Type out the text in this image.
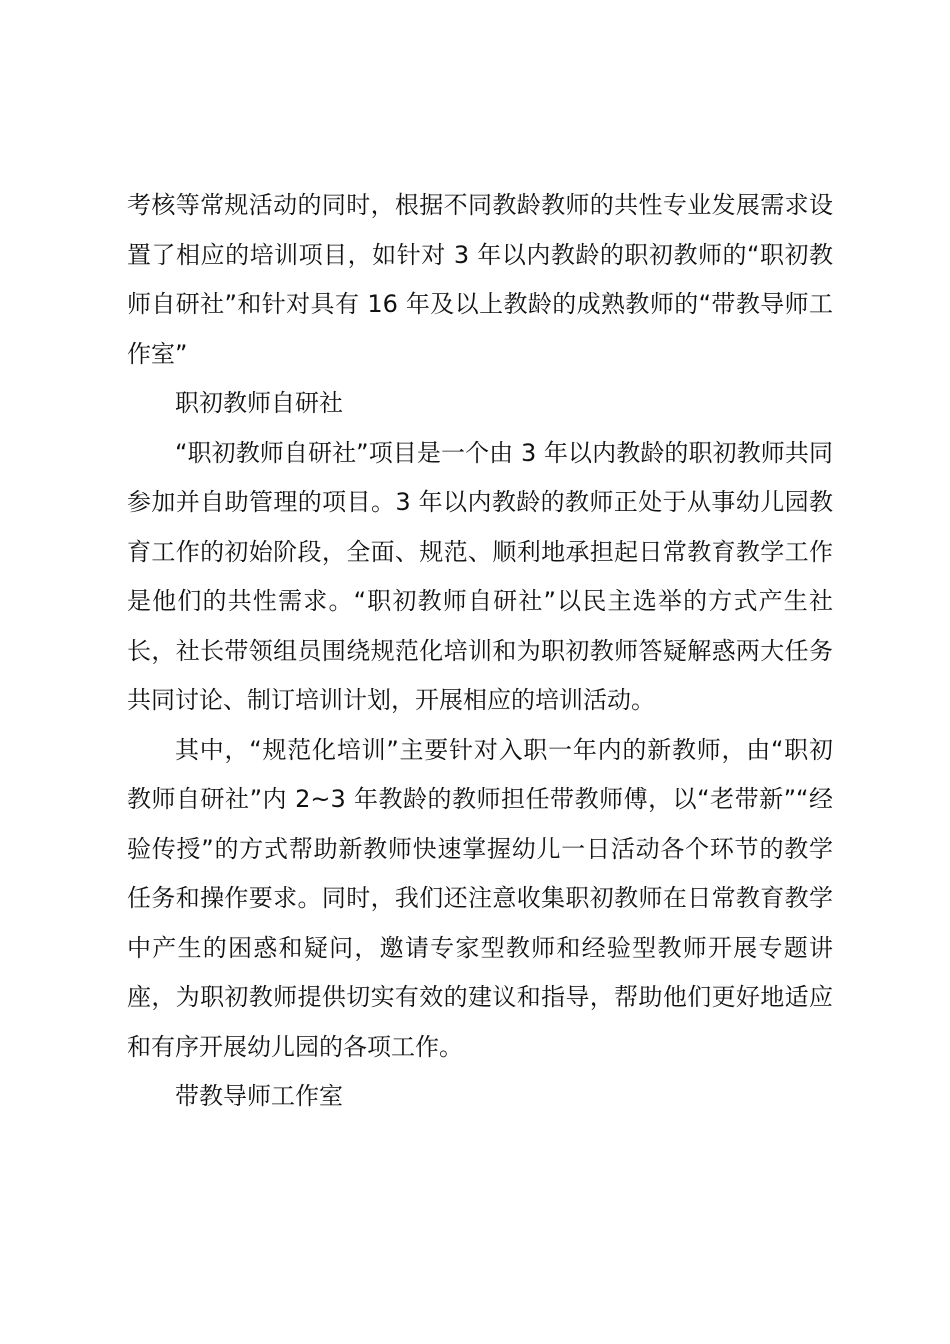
考核等常规活动的同时，根据不同教龄教师的共性专业发展需求设置了相应的培训项目，如针对 3 年以内教龄的职初教师的“职初教师自研社”和针对具有 16 年及以上教龄的成熟教师的“带教导师工作室”

职初教师自研社

“职初教师自研社”项目是一个由 3 年以内教龄的职初教师共同参加并自助管理的项目。3 年以内教龄的教师正处于从事幼儿园教育工作的初始阶段，全面、规范、顺利地承担起日常教育教学工作是他们的共性需求。“职初教师自研社”以民主选举的方式产生社长，社长带领组员围绕规范化培训和为职初教师答疑解惑两大任务共同讨论、制订培训计划，开展相应的培训活动。

其中，“规范化培训”主要针对入职一年内的新教师，由“职初教师自研社”内 2~3 年教龄的教师担任带教师傅，以“老带新”“经验传授”的方式帮助新教师快速掌握幼儿一日活动各个环节的教学任务和操作要求。同时，我们还注意收集职初教师在日常教育教学中产生的困惑和疑问，邀请专家型教师和经验型教师开展专题讲座，为职初教师提供切实有效的建议和指导，帮助他们更好地适应和有序开展幼儿园的各项工作。

带教导师工作室
